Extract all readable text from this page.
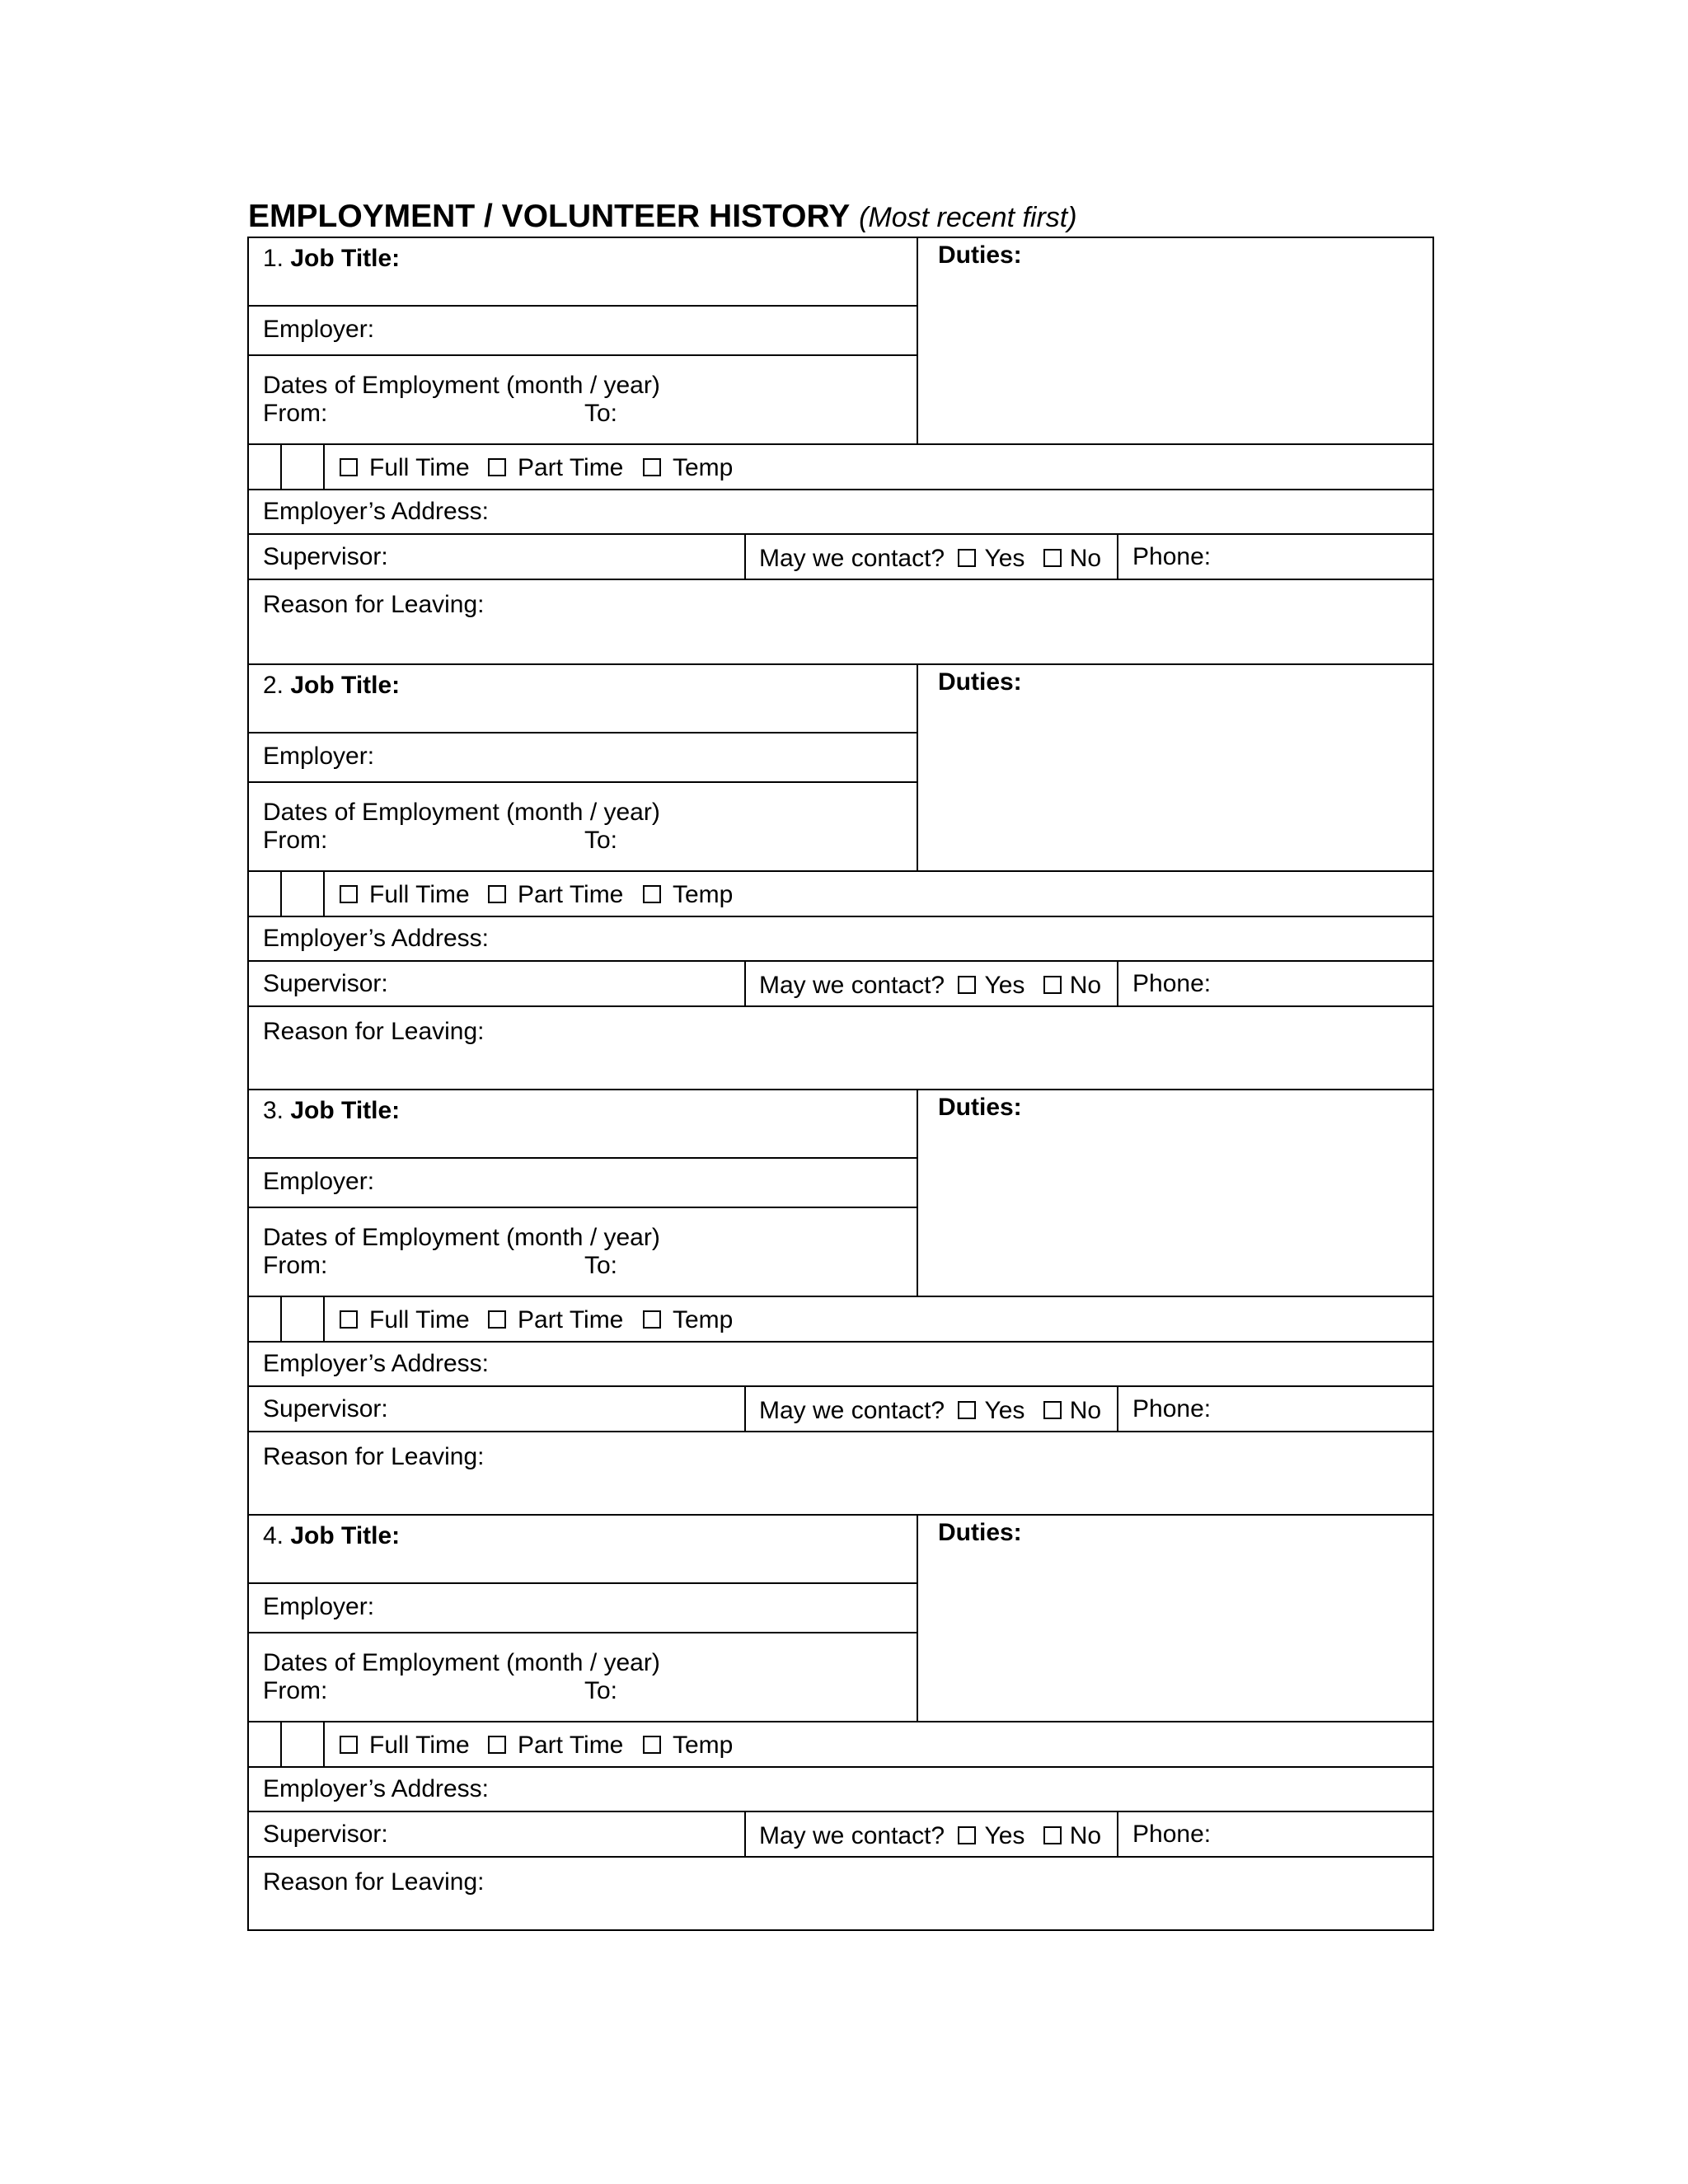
EMPLOYMENT / VOLUNTEER HISTORY (Most recent first)
1. Job Title:	Duties:
Employer:
Dates of Employment (month / year)
From:	To:
Full Time	Part Time	Temp
Employer’s Address:
Supervisor:	May we contact? Yes No Phone:
Reason for Leaving:
2. Job Title:	Duties:
Employer:
Dates of Employment (month / year)
From:	To:
Full Time	Part Time	Temp
Employer’s Address:
Supervisor:	May we contact? Yes No Phone:
Reason for Leaving:
3. Job Title:	Duties:
Employer:
Dates of Employment (month / year)
From:	To:
Full Time	Part Time	Temp
Employer’s Address:
Supervisor:	May we contact? Yes No Phone:
Reason for Leaving:
4. Job Title:	Duties:
Employer:
Dates of Employment (month / year)
From:	To:
Full Time	Part Time	Temp
Employer’s Address:
Supervisor:	May we contact? Yes No Phone:
Reason for Leaving:
